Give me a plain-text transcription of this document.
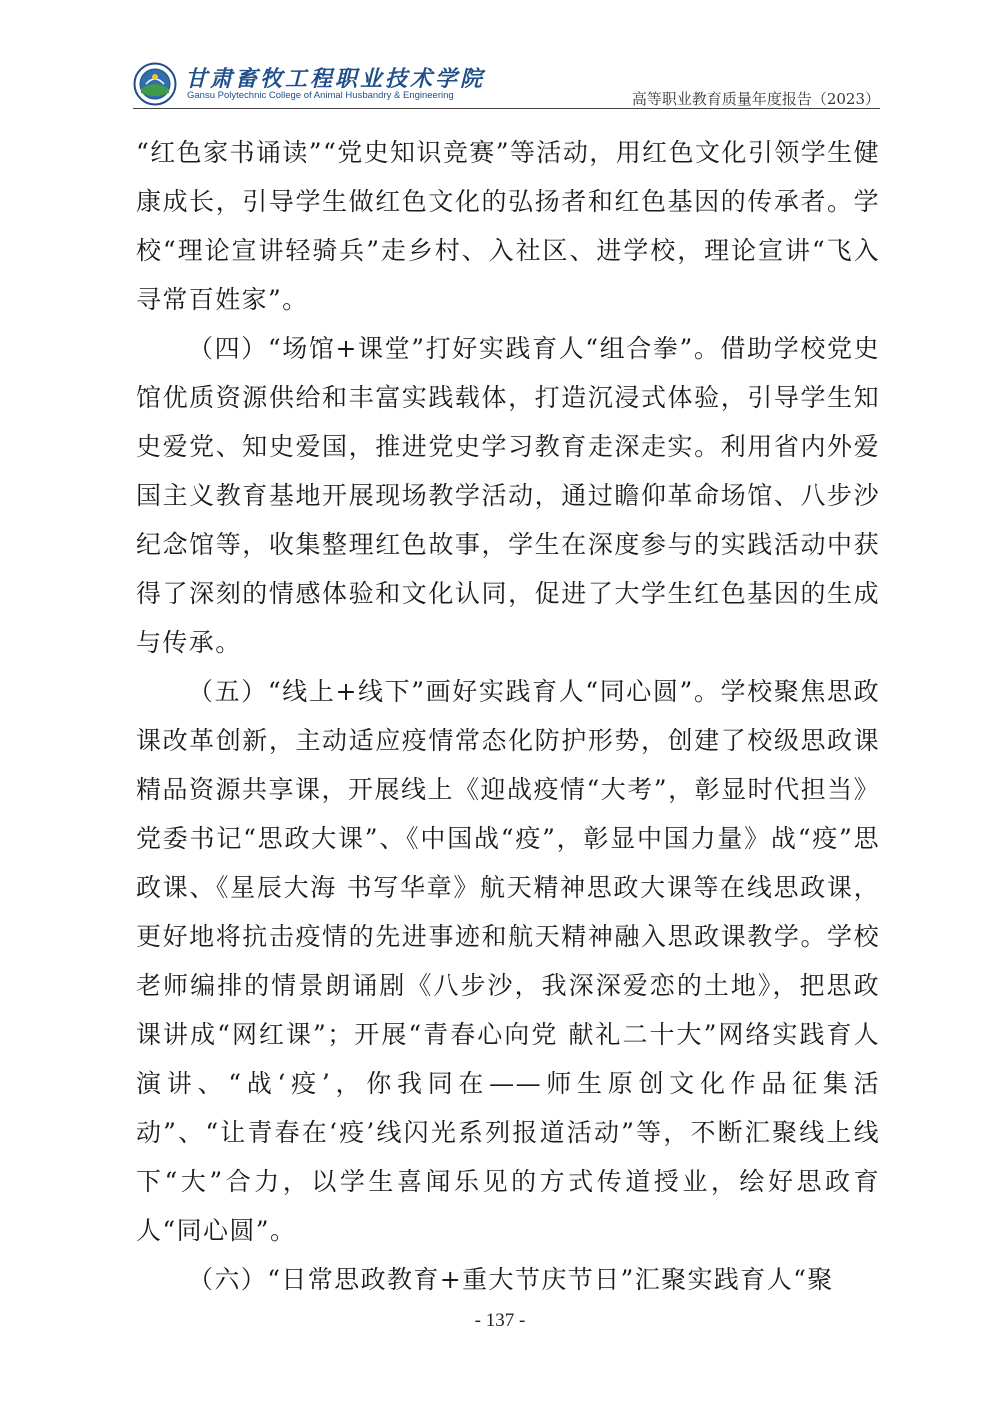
甘肃畜牧工程职业技术学院
Gansu Polytechnic College of Animal Husbandry & Engineering	高等职业教育质量年度报告（2023）

“红色家书诵读”“党史知识竞赛”等活动，用红色文化引领学生健康成长，引导学生做红色文化的弘扬者和红色基因的传承者。学校“理论宣讲轻骑兵”走乡村、入社区、进学校，理论宣讲“飞入寻常百姓家”。

（四）“场馆+课堂”打好实践育人“组合拳”。借助学校党史馆优质资源供给和丰富实践载体，打造沉浸式体验，引导学生知史爱党、知史爱国，推进党史学习教育走深走实。利用省内外爱国主义教育基地开展现场教学活动，通过瞻仰革命场馆、八步沙纪念馆等，收集整理红色故事，学生在深度参与的实践活动中获得了深刻的情感体验和文化认同，促进了大学生红色基因的生成与传承。

（五）“线上+线下”画好实践育人“同心圆”。学校聚焦思政课改革创新，主动适应疫情常态化防护形势，创建了校级思政课精品资源共享课，开展线上《迎战疫情“大考”，彰显时代担当》党委书记“思政大课”、《中国战“疫”，彰显中国力量》战“疫”思政课、《星辰大海 书写华章》航天精神思政大课等在线思政课，更好地将抗击疫情的先进事迹和航天精神融入思政课教学。学校老师编排的情景朗诵剧《八步沙，我深深爱恋的土地》，把思政课讲成“网红课”；开展“青春心向党 献礼二十大”网络实践育人演讲、“战‘疫’，你我同在——师生原创文化作品征集活动”、“让青春在‘疫’线闪光系列报道活动”等，不断汇聚线上线下“大”合力，以学生喜闻乐见的方式传道授业，绘好思政育人“同心圆”。

（六）“日常思政教育+重大节庆节日”汇聚实践育人“聚

- 137 -
